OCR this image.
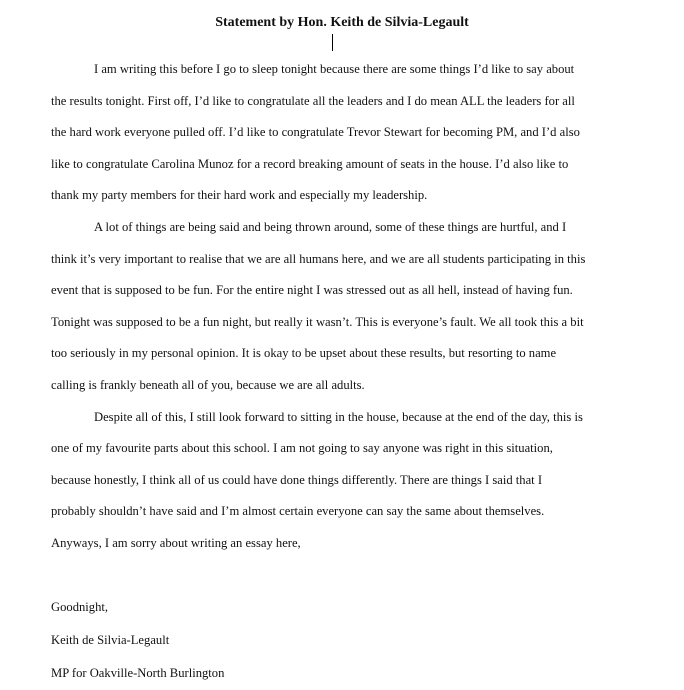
Statement by Hon. Keith de Silvia-Legault

I am writing this before I go to sleep tonight because there are some things I’d like to say about
the results tonight. First off, I’d like to congratulate all the leaders and I do mean ALL the leaders for all
the hard work everyone pulled off. I’d like to congratulate Trevor Stewart for becoming PM, and I’d also
like to congratulate Carolina Munoz for a record breaking amount of seats in the house. I’d also like to
thank my party members for their hard work and especially my leadership.

A lot of things are being said and being thrown around, some of these things are hurtful, and I
think it’s very important to realise that we are all humans here, and we are all students participating in this
event that is supposed to be fun. For the entire night I was stressed out as all hell, instead of having fun.
Tonight was supposed to be a fun night, but really it wasn’t. This is everyone’s fault. We all took this a bit
too seriously in my personal opinion. It is okay to be upset about these results, but resorting to name
calling is frankly beneath all of you, because we are all adults.

Despite all of this, I still look forward to sitting in the house, because at the end of the day, this is
one of my favourite parts about this school. I am not going to say anyone was right in this situation,
because honestly, I think all of us could have done things differently. There are things I said that I
probably shouldn’t have said and I’m almost certain everyone can say the same about themselves.
Anyways, I am sorry about writing an essay here,

Goodnight,
Keith de Silvia-Legault
MP for Oakville-North Burlington
